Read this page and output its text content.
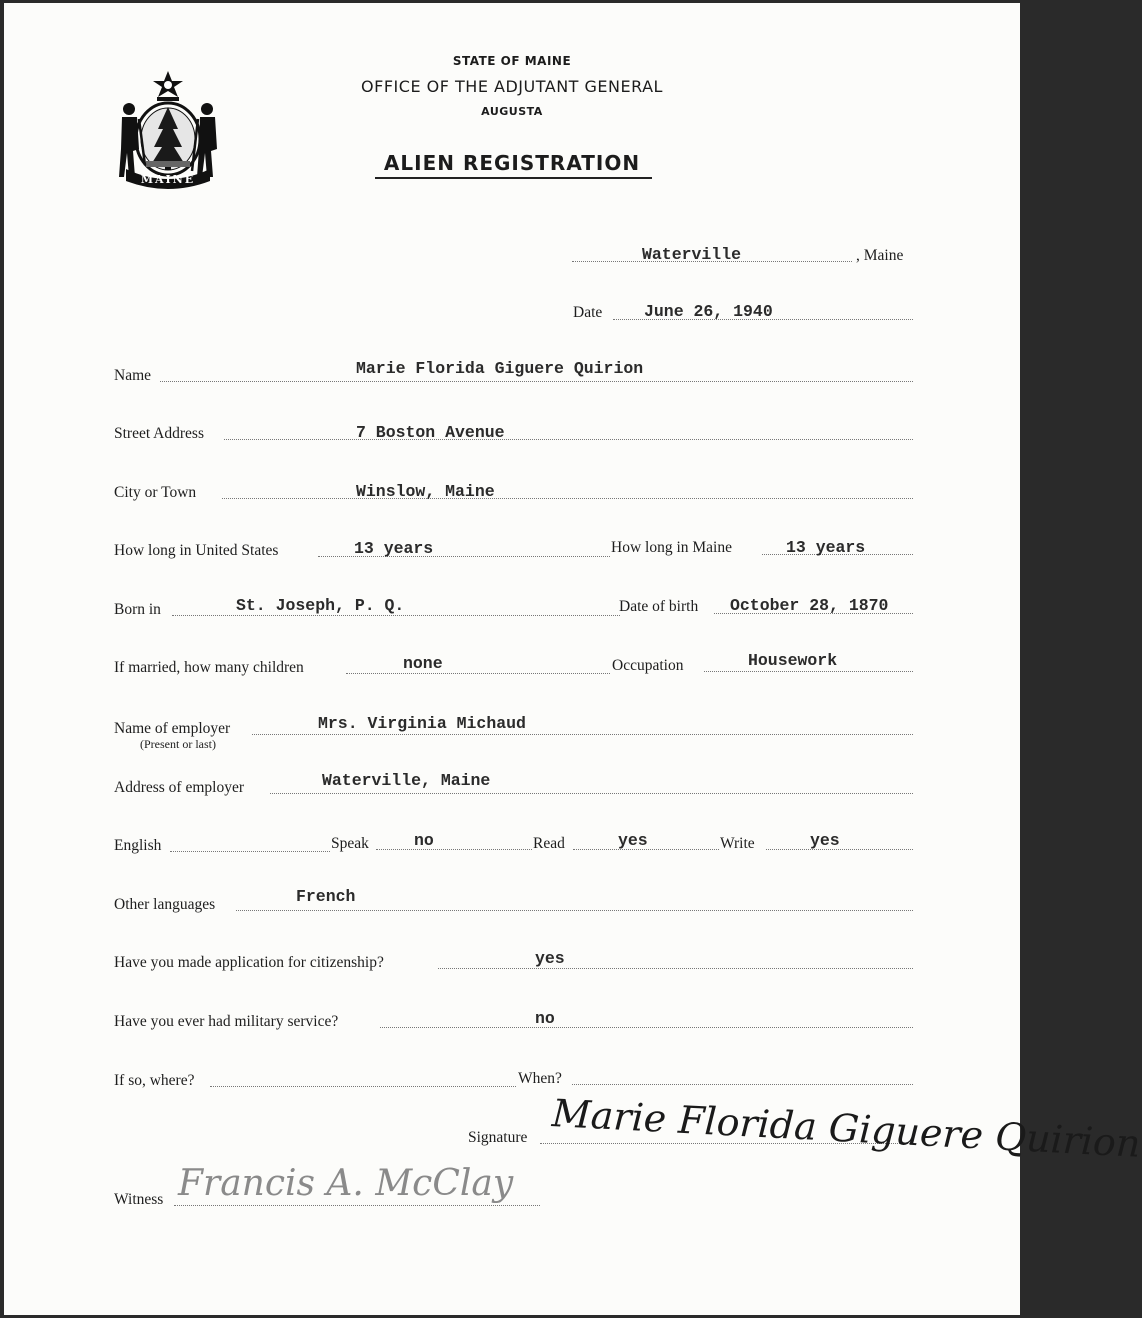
MAINE
STATE OF MAINE
OFFICE OF THE ADJUTANT GENERAL
AUGUSTA
ALIEN REGISTRATION
Waterville	, Maine
Date	June 26, 1940
Name	Marie Florida Giguere Quirion
Street Address	7 Boston Avenue
City or Town	Winslow, Maine
How long in United States	13 years	How long in Maine	13 years
Born in	St. Joseph, P. Q.	Date of birth October 28, 1870
If married, how many children	none	Occupation	Housework
Name of employer
(Present or last)
Mrs. Virginia Michaud
Address of employer	Waterville, Maine
English	Speak	no	Read	yes	Write	yes
Other languages	French
Have you made application for citizenship?	yes
Have you ever had military service?	no
If so, where?	When?
Signature Marie Florida Giguere Quirion
Witness Francis A. McClay
